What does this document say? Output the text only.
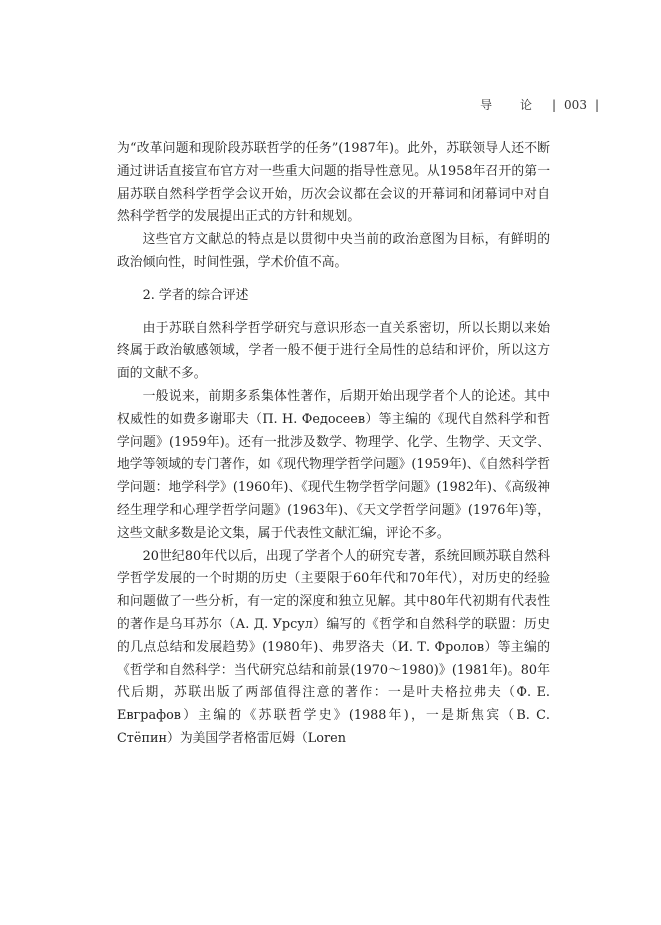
导 论 | 003 |

为“改革问题和现阶段苏联哲学的任务”(1987年)。此外，苏联领导人还不断通过讲话直接宣布官方对一些重大问题的指导性意见。从1958年召开的第一届苏联自然科学哲学会议开始，历次会议都在会议的开幕词和闭幕词中对自然科学哲学的发展提出正式的方针和规划。

这些官方文献总的特点是以贯彻中央当前的政治意图为目标，有鲜明的政治倾向性，时间性强，学术价值不高。

2. 学者的综合评述

由于苏联自然科学哲学研究与意识形态一直关系密切，所以长期以来始终属于政治敏感领域，学者一般不便于进行全局性的总结和评价，所以这方面的文献不多。

一般说来，前期多系集体性著作，后期开始出现学者个人的论述。其中权威性的如费多谢耶夫（П. Н. Федосеев）等主编的《现代自然科学和哲学问题》(1959年)。还有一批涉及数学、物理学、化学、生物学、天文学、地学等领域的专门著作，如《现代物理学哲学问题》(1959年)、《自然科学哲学问题：地学科学》(1960年)、《现代生物学哲学问题》(1982年)、《高级神经生理学和心理学哲学问题》(1963年)、《天文学哲学问题》(1976年)等，这些文献多数是论文集，属于代表性文献汇编，评论不多。

20世纪80年代以后，出现了学者个人的研究专著，系统回顾苏联自然科学哲学发展的一个时期的历史（主要限于60年代和70年代），对历史的经验和问题做了一些分析，有一定的深度和独立见解。其中80年代初期有代表性的著作是乌耳苏尔（А. Д. Урсул）编写的《哲学和自然科学的联盟：历史的几点总结和发展趋势》(1980年)、弗罗洛夫（И. Т. Фролов）等主编的《哲学和自然科学：当代研究总结和前景(1970～1980)》(1981年)。80年代后期，苏联出版了两部值得注意的著作：一是叶夫格拉弗夫（Ф. Е. Евграфов）主编的《苏联哲学史》(1988年)，一是斯焦宾（В. С. Стёпин）为美国学者格雷厄姆（Loren
